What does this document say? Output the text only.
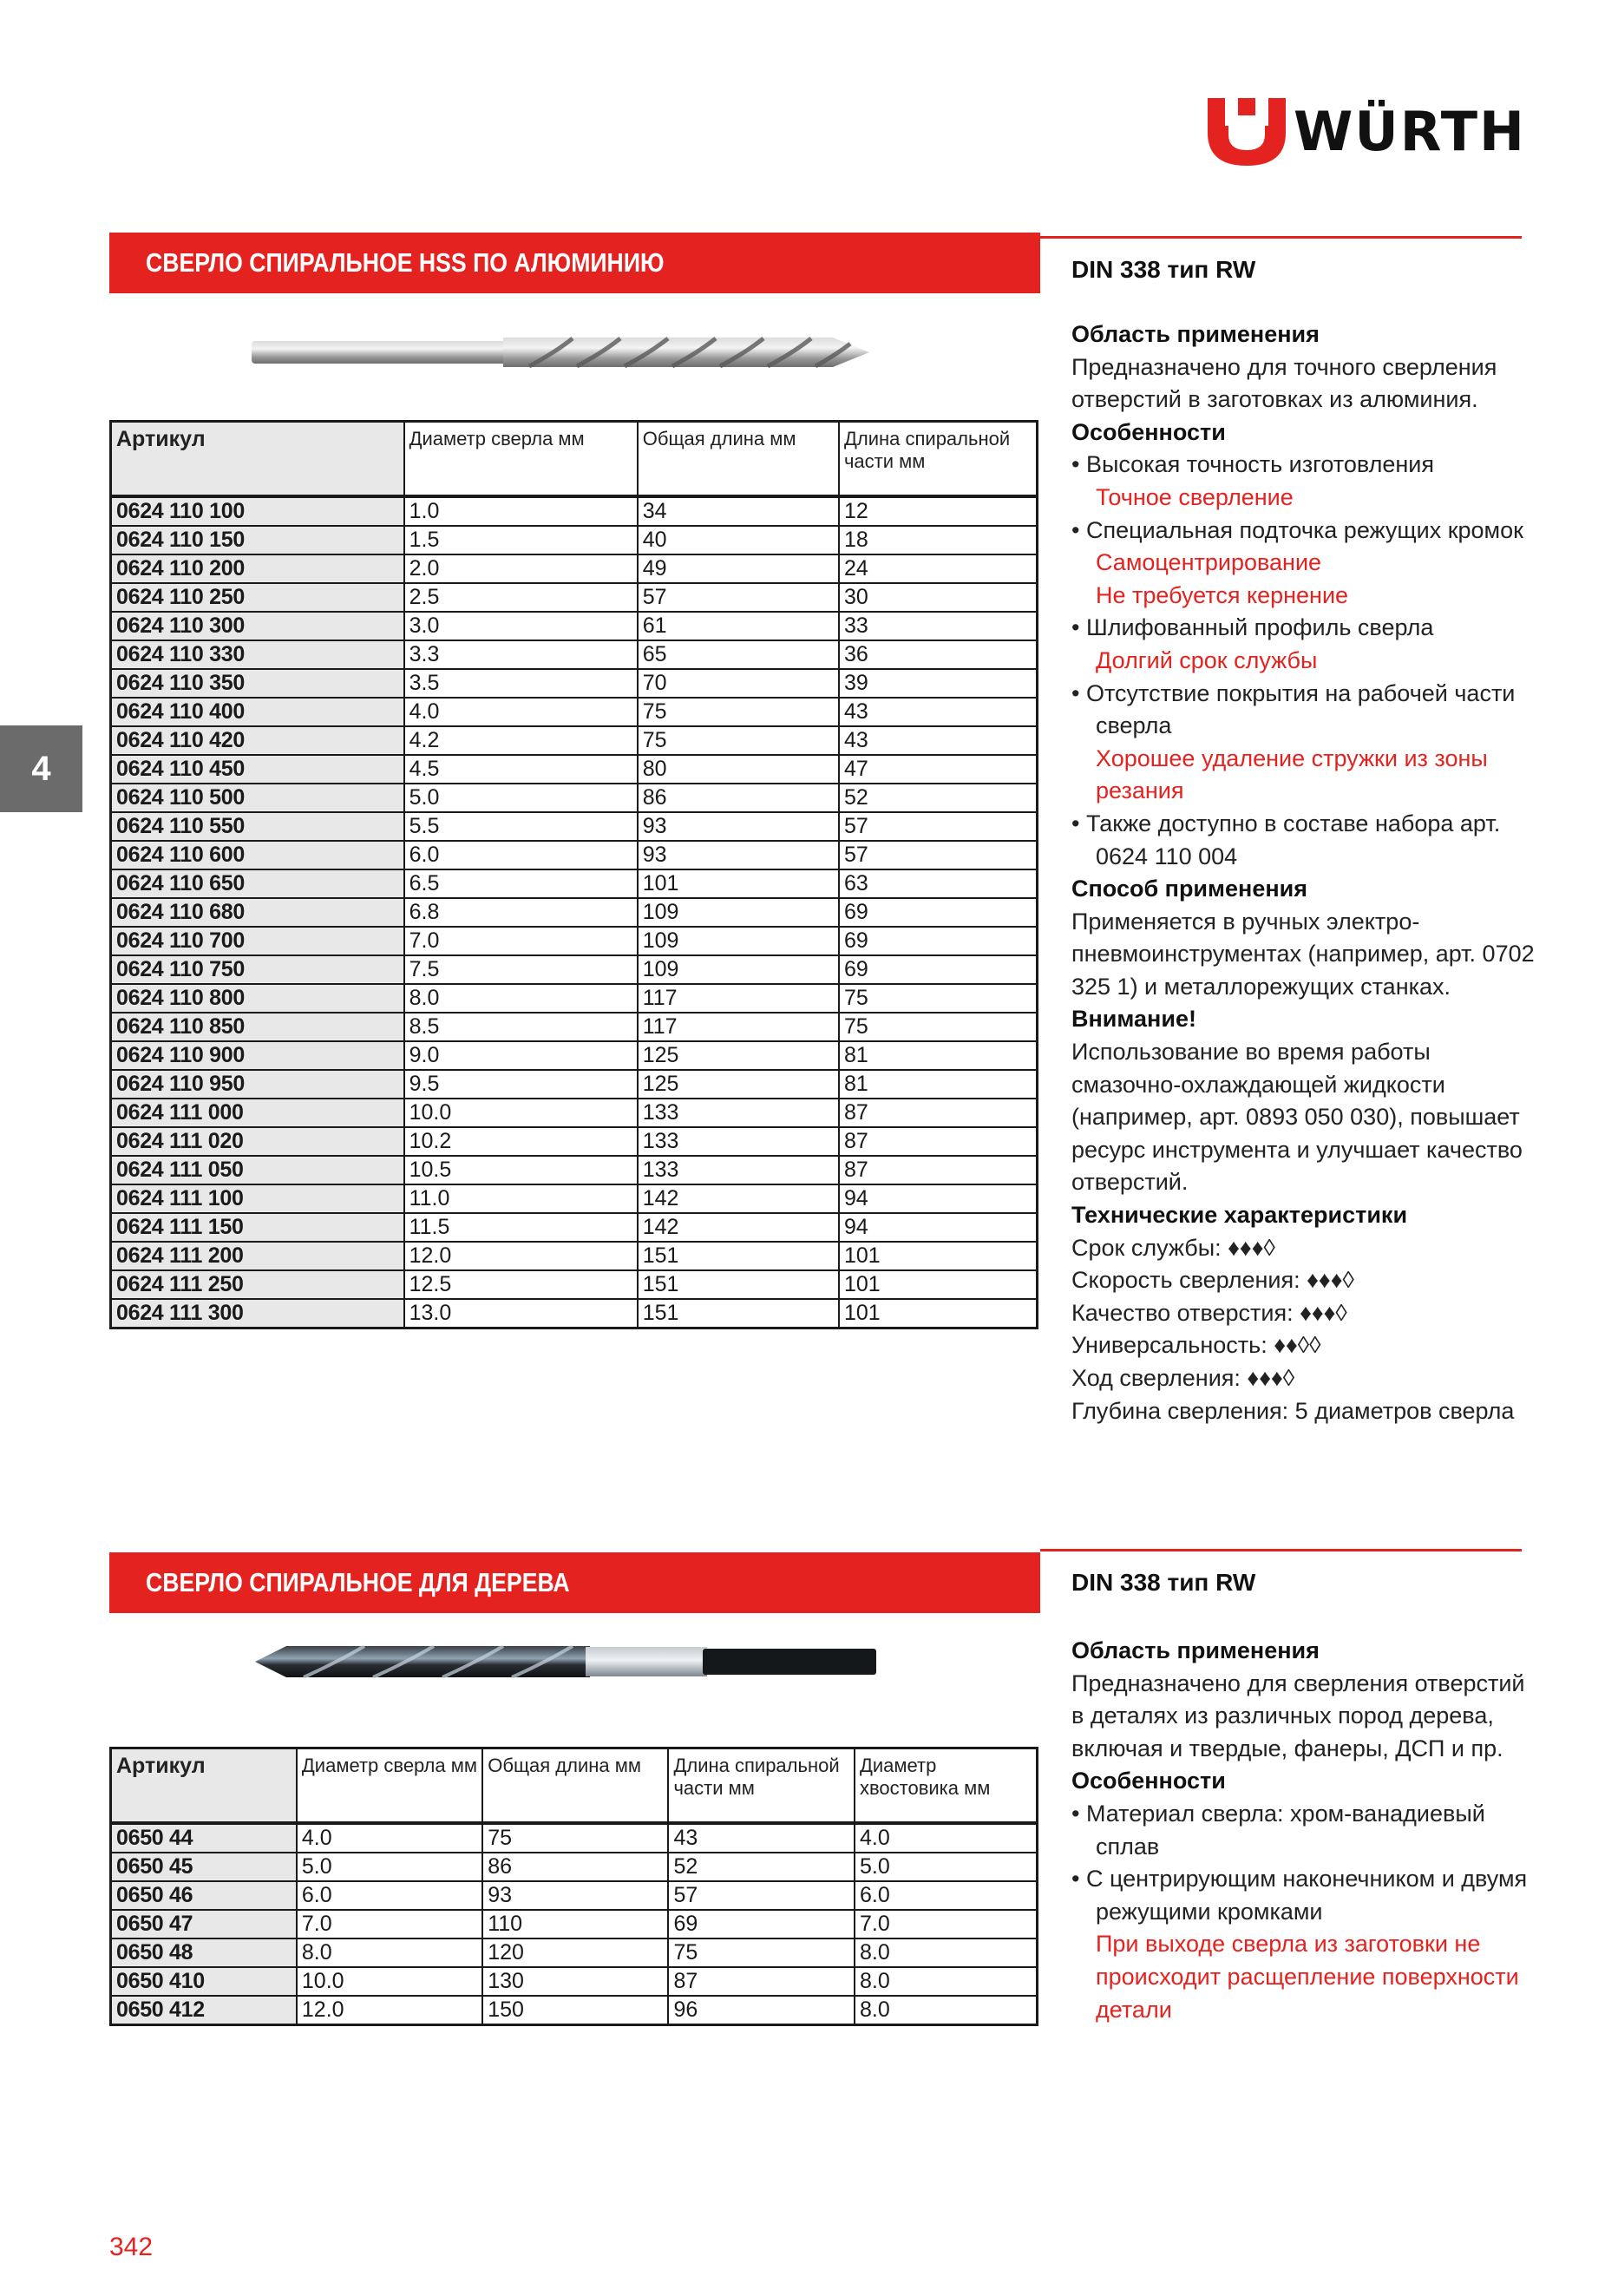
WÜRTH
4
СВЕРЛО СПИРАЛЬНОЕ HSS ПО АЛЮМИНИЮ	DIN 338 тип RW
Артикул	Диаметр сверла мм	Общая длина мм	Длина спиральной части мм
0624 110 100	1.0	34	12
0624 110 150	1.5	40	18
0624 110 200	2.0	49	24
0624 110 250	2.5	57	30
0624 110 300	3.0	61	33
0624 110 330	3.3	65	36
0624 110 350	3.5	70	39
0624 110 400	4.0	75	43
0624 110 420	4.2	75	43
0624 110 450	4.5	80	47
0624 110 500	5.0	86	52
0624 110 550	5.5	93	57
0624 110 600	6.0	93	57
0624 110 650	6.5	101	63
0624 110 680	6.8	109	69
0624 110 700	7.0	109	69
0624 110 750	7.5	109	69
0624 110 800	8.0	117	75
0624 110 850	8.5	117	75
0624 110 900	9.0	125	81
0624 110 950	9.5	125	81
0624 111 000	10.0	133	87
0624 111 020	10.2	133	87
0624 111 050	10.5	133	87
0624 111 100	11.0	142	94
0624 111 150	11.5	142	94
0624 111 200	12.0	151	101
0624 111 250	12.5	151	101
0624 111 300	13.0	151	101

Область применения

Предназначено для точного сверления отверстий в заготовках из алюминия.

Особенности

• Высокая точность изготовления

Точное сверление

• Специальная подточка режущих кромок

Самоцентрирование

Не требуется кернение

• Шлифованный профиль сверла

Долгий срок службы

• Отсутствие покрытия на рабочей части сверла

Хорошее удаление стружки из зоны резания

• Также доступно в составе набора арт. 0624 110 004

Способ применения

Применяется в ручных электро-пневмоинструментах (например, арт. 0702 325 1) и металлорежущих станках.

Внимание!

Использование во время работы смазочно-охлаждающей жидкости (например, арт. 0893 050 030), повышает ресурс инструмента и улучшает качество отверстий.

Технические характеристики

Срок службы: ♦♦♦◊

Скорость сверления: ♦♦♦◊

Качество отверстия: ♦♦♦◊

Универсальность: ♦♦◊◊

Ход сверления: ♦♦♦◊

Глубина сверления: 5 диаметров сверла

СВЕРЛО СПИРАЛЬНОЕ ДЛЯ ДЕРЕВА	DIN 338 тип RW
Артикул	Диаметр сверла мм	Общая длина мм	Длина спиральной части мм	Диаметр хвостовика мм
0650 44	4.0	75	43	4.0
0650 45	5.0	86	52	5.0
0650 46	6.0	93	57	6.0
0650 47	7.0	110	69	7.0
0650 48	8.0	120	75	8.0
0650 410	10.0	130	87	8.0
0650 412	12.0	150	96	8.0

Область применения

Предназначено для сверления отверстий в деталях из различных пород дерева, включая и твердые, фанеры, ДСП и пр.

Особенности

• Материал сверла: хром-ванадиевый сплав

• С центрирующим наконечником и двумя режущими кромками

При выходе сверла из заготовки не происходит расщепление поверхности детали

342
